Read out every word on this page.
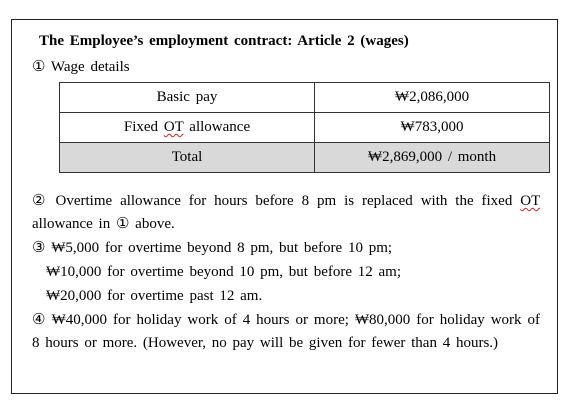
The Employee’s employment contract: Article 2 (wages)
① Wage details
Basic pay	₩2,086,000
Fixed OT allowance	₩783,000
Total	₩2,869,000 / month

② Overtime allowance for hours before 8 pm is replaced with the fixed OT allowance in ① above.

③ ₩5,000 for overtime beyond 8 pm, but before 10 pm;

₩10,000 for overtime beyond 10 pm, but before 12 am;

₩20,000 for overtime past 12 am.

④ ₩40,000 for holiday work of 4 hours or more; ₩80,000 for holiday work of 8 hours or more. (However, no pay will be given for fewer than 4 hours.)
